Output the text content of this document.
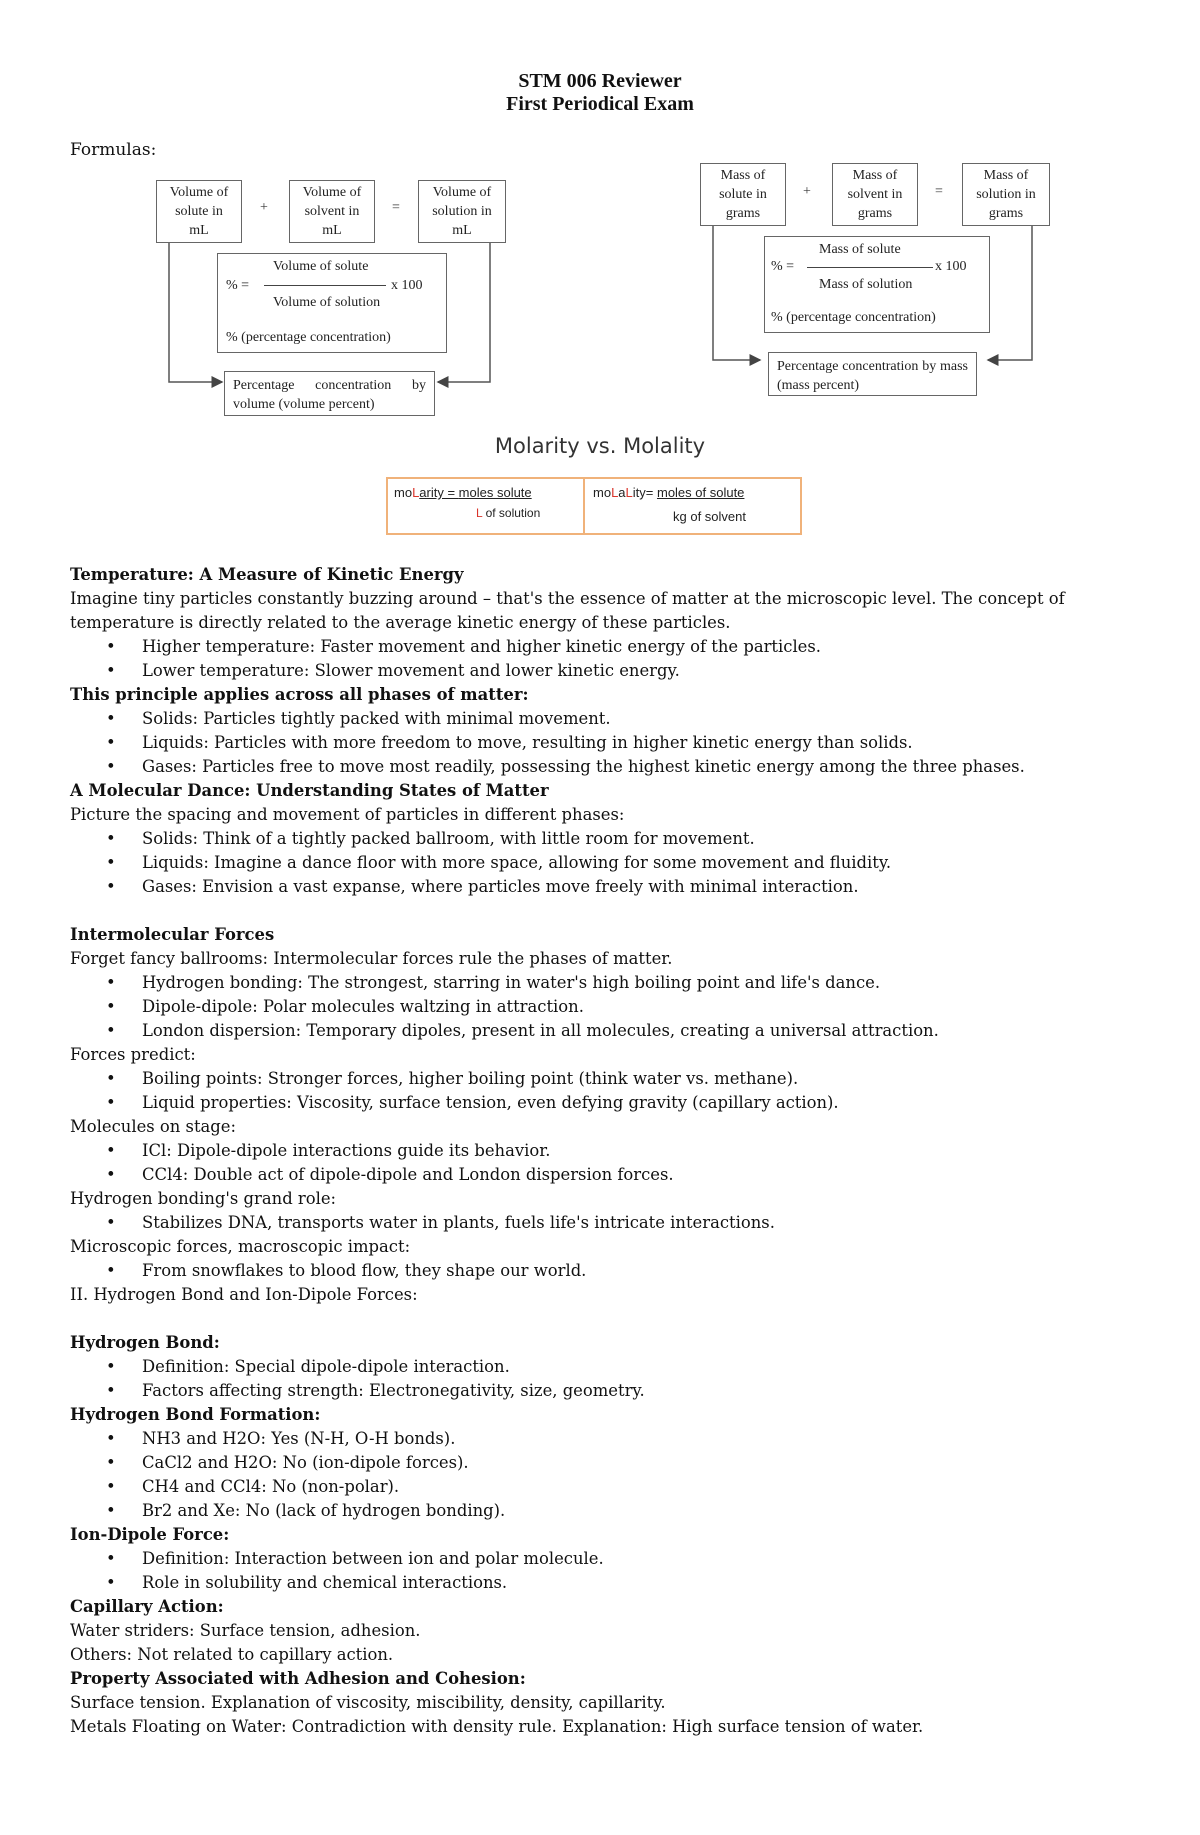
STM 006 Reviewer
First Periodical Exam
Formulas:
Volume of
solute in
mL
+
Volume of
solvent in
mL
=
Volume of
solution in
mL
% =
Volume of solute
x 100
Volume of solution
% (percentage concentration)
Percentage concentration by volume (volume percent)
Mass of
solute in
grams
+
Mass of
solvent in
grams
=
Mass of
solution in
grams
% =
Mass of solute
x 100
Mass of solution
% (percentage concentration)
Percentage concentration by mass (mass percent)
Molarity vs. Molality
moLarity = moles solute
L of solution
moLaLity= moles of solute
kg of solvent

Temperature: A Measure of Kinetic Energy

Imagine tiny particles constantly buzzing around – that's the essence of matter at the microscopic level. The concept of temperature is directly related to the average kinetic energy of these particles.

• Higher temperature: Faster movement and higher kinetic energy of the particles.
• Lower temperature: Slower movement and lower kinetic energy.

This principle applies across all phases of matter:

• Solids: Particles tightly packed with minimal movement.
• Liquids: Particles with more freedom to move, resulting in higher kinetic energy than solids.
• Gases: Particles free to move most readily, possessing the highest kinetic energy among the three phases.

A Molecular Dance: Understanding States of Matter

Picture the spacing and movement of particles in different phases:

• Solids: Think of a tightly packed ballroom, with little room for movement.
• Liquids: Imagine a dance floor with more space, allowing for some movement and fluidity.
• Gases: Envision a vast expanse, where particles move freely with minimal interaction.

Intermolecular Forces

Forget fancy ballrooms: Intermolecular forces rule the phases of matter.

• Hydrogen bonding: The strongest, starring in water's high boiling point and life's dance.
• Dipole-dipole: Polar molecules waltzing in attraction.
• London dispersion: Temporary dipoles, present in all molecules, creating a universal attraction.

Forces predict:

• Boiling points: Stronger forces, higher boiling point (think water vs. methane).
• Liquid properties: Viscosity, surface tension, even defying gravity (capillary action).

Molecules on stage:

• ICl: Dipole-dipole interactions guide its behavior.
• CCl4: Double act of dipole-dipole and London dispersion forces.

Hydrogen bonding's grand role:

• Stabilizes DNA, transports water in plants, fuels life's intricate interactions.

Microscopic forces, macroscopic impact:

• From snowflakes to blood flow, they shape our world.

II. Hydrogen Bond and Ion-Dipole Forces:

Hydrogen Bond:

• Definition: Special dipole-dipole interaction.
• Factors affecting strength: Electronegativity, size, geometry.

Hydrogen Bond Formation:

• NH3 and H2O: Yes (N-H, O-H bonds).
• CaCl2 and H2O: No (ion-dipole forces).
• CH4 and CCl4: No (non-polar).
• Br2 and Xe: No (lack of hydrogen bonding).

Ion-Dipole Force:

• Definition: Interaction between ion and polar molecule.
• Role in solubility and chemical interactions.

Capillary Action:

Water striders: Surface tension, adhesion.

Others: Not related to capillary action.

Property Associated with Adhesion and Cohesion:

Surface tension. Explanation of viscosity, miscibility, density, capillarity.

Metals Floating on Water: Contradiction with density rule. Explanation: High surface tension of water.
